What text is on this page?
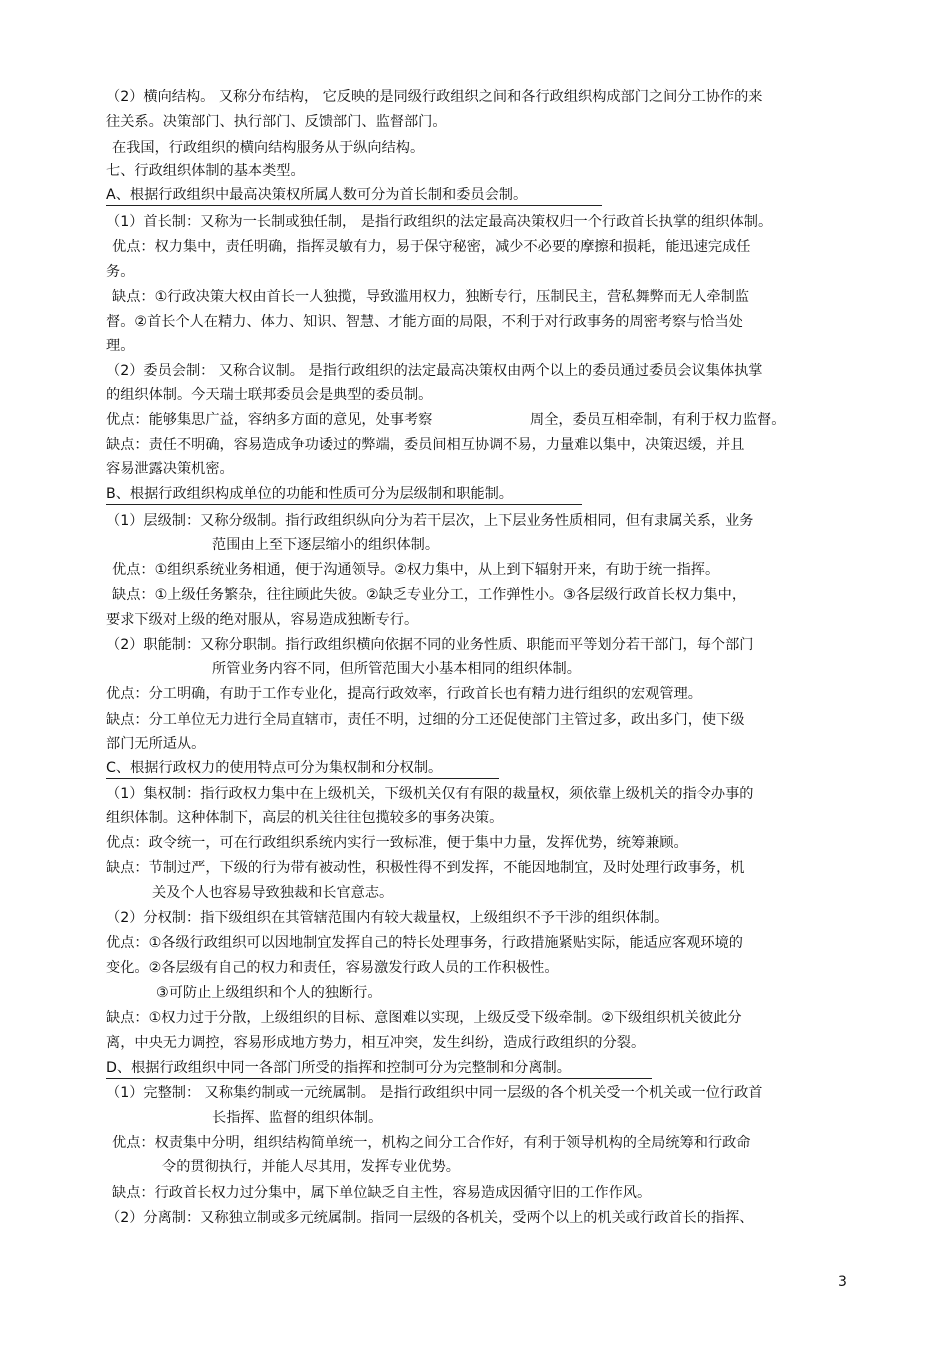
（2）横向结构。 又称分布结构， 它反映的是同级行政组织之间和各行政组织构成部门之间分工协作的来
往关系。决策部门、执行部门、反馈部门、监督部门。
在我国，行政组织的横向结构服务从于纵向结构。
七、行政组织体制的基本类型。
A、根据行政组织中最高决策权所属人数可分为首长制和委员会制。
（1）首长制：又称为一长制或独任制， 是指行政组织的法定最高决策权归一个行政首长执掌的组织体制。
优点：权力集中，责任明确，指挥灵敏有力，易于保守秘密，减少不必要的摩擦和损耗，能迅速完成任
务。
缺点：①行政决策大权由首长一人独揽，导致滥用权力，独断专行，压制民主，营私舞弊而无人牵制监
督。②首长个人在精力、体力、知识、智慧、才能方面的局限，不利于对行政事务的周密考察与恰当处
理。
（2）委员会制： 又称合议制。 是指行政组织的法定最高决策权由两个以上的委员通过委员会议集体执掌
的组织体制。今天瑞士联邦委员会是典型的委员制。
优点：能够集思广益，容纳多方面的意见，处事考察	周全，委员互相牵制，有利于权力监督。
缺点：责任不明确，容易造成争功诿过的弊端，委员间相互协调不易，力量难以集中，决策迟缓，并且
容易泄露决策机密。
B、根据行政组织构成单位的功能和性质可分为层级制和职能制。
（1）层级制：又称分级制。指行政组织纵向分为若干层次，上下层业务性质相同，但有隶属关系，业务
范围由上至下逐层缩小的组织体制。
优点：①组织系统业务相通，便于沟通领导。②权力集中，从上到下辐射开来，有助于统一指挥。
缺点：①上级任务繁杂，往往顾此失彼。②缺乏专业分工，工作弹性小。③各层级行政首长权力集中，
要求下级对上级的绝对服从，容易造成独断专行。
（2）职能制：又称分职制。指行政组织横向依据不同的业务性质、职能而平等划分若干部门，每个部门
所管业务内容不同，但所管范围大小基本相同的组织体制。
优点：分工明确，有助于工作专业化，提高行政效率，行政首长也有精力进行组织的宏观管理。
缺点：分工单位无力进行全局直辖市，责任不明，过细的分工还促使部门主管过多，政出多门，使下级
部门无所适从。
C、根据行政权力的使用特点可分为集权制和分权制。
（1）集权制：指行政权力集中在上级机关，下级机关仅有有限的裁量权，须依靠上级机关的指令办事的
组织体制。这种体制下，高层的机关往往包揽较多的事务决策。
优点：政令统一，可在行政组织系统内实行一致标准，便于集中力量，发挥优势，统筹兼顾。
缺点：节制过严，下级的行为带有被动性，积极性得不到发挥，不能因地制宜，及时处理行政事务，机
关及个人也容易导致独裁和长官意志。
（2）分权制：指下级组织在其管辖范围内有较大裁量权，上级组织不予干涉的组织体制。
优点：①各级行政组织可以因地制宜发挥自己的特长处理事务，行政措施紧贴实际，能适应客观环境的
变化。②各层级有自己的权力和责任，容易激发行政人员的工作积极性。
③可防止上级组织和个人的独断行。
缺点：①权力过于分散，上级组织的目标、意图难以实现，上级反受下级牵制。②下级组织机关彼此分
离，中央无力调控，容易形成地方势力，相互冲突，发生纠纷，造成行政组织的分裂。
D、根据行政组织中同一各部门所受的指挥和控制可分为完整制和分离制。
（1）完整制： 又称集约制或一元统属制。 是指行政组织中同一层级的各个机关受一个机关或一位行政首
长指挥、监督的组织体制。
优点：权责集中分明，组织结构简单统一，机构之间分工合作好，有利于领导机构的全局统筹和行政命
令的贯彻执行，并能人尽其用，发挥专业优势。
缺点：行政首长权力过分集中，属下单位缺乏自主性，容易造成因循守旧的工作作风。
（2）分离制：又称独立制或多元统属制。指同一层级的各机关，受两个以上的机关或行政首长的指挥、
3
